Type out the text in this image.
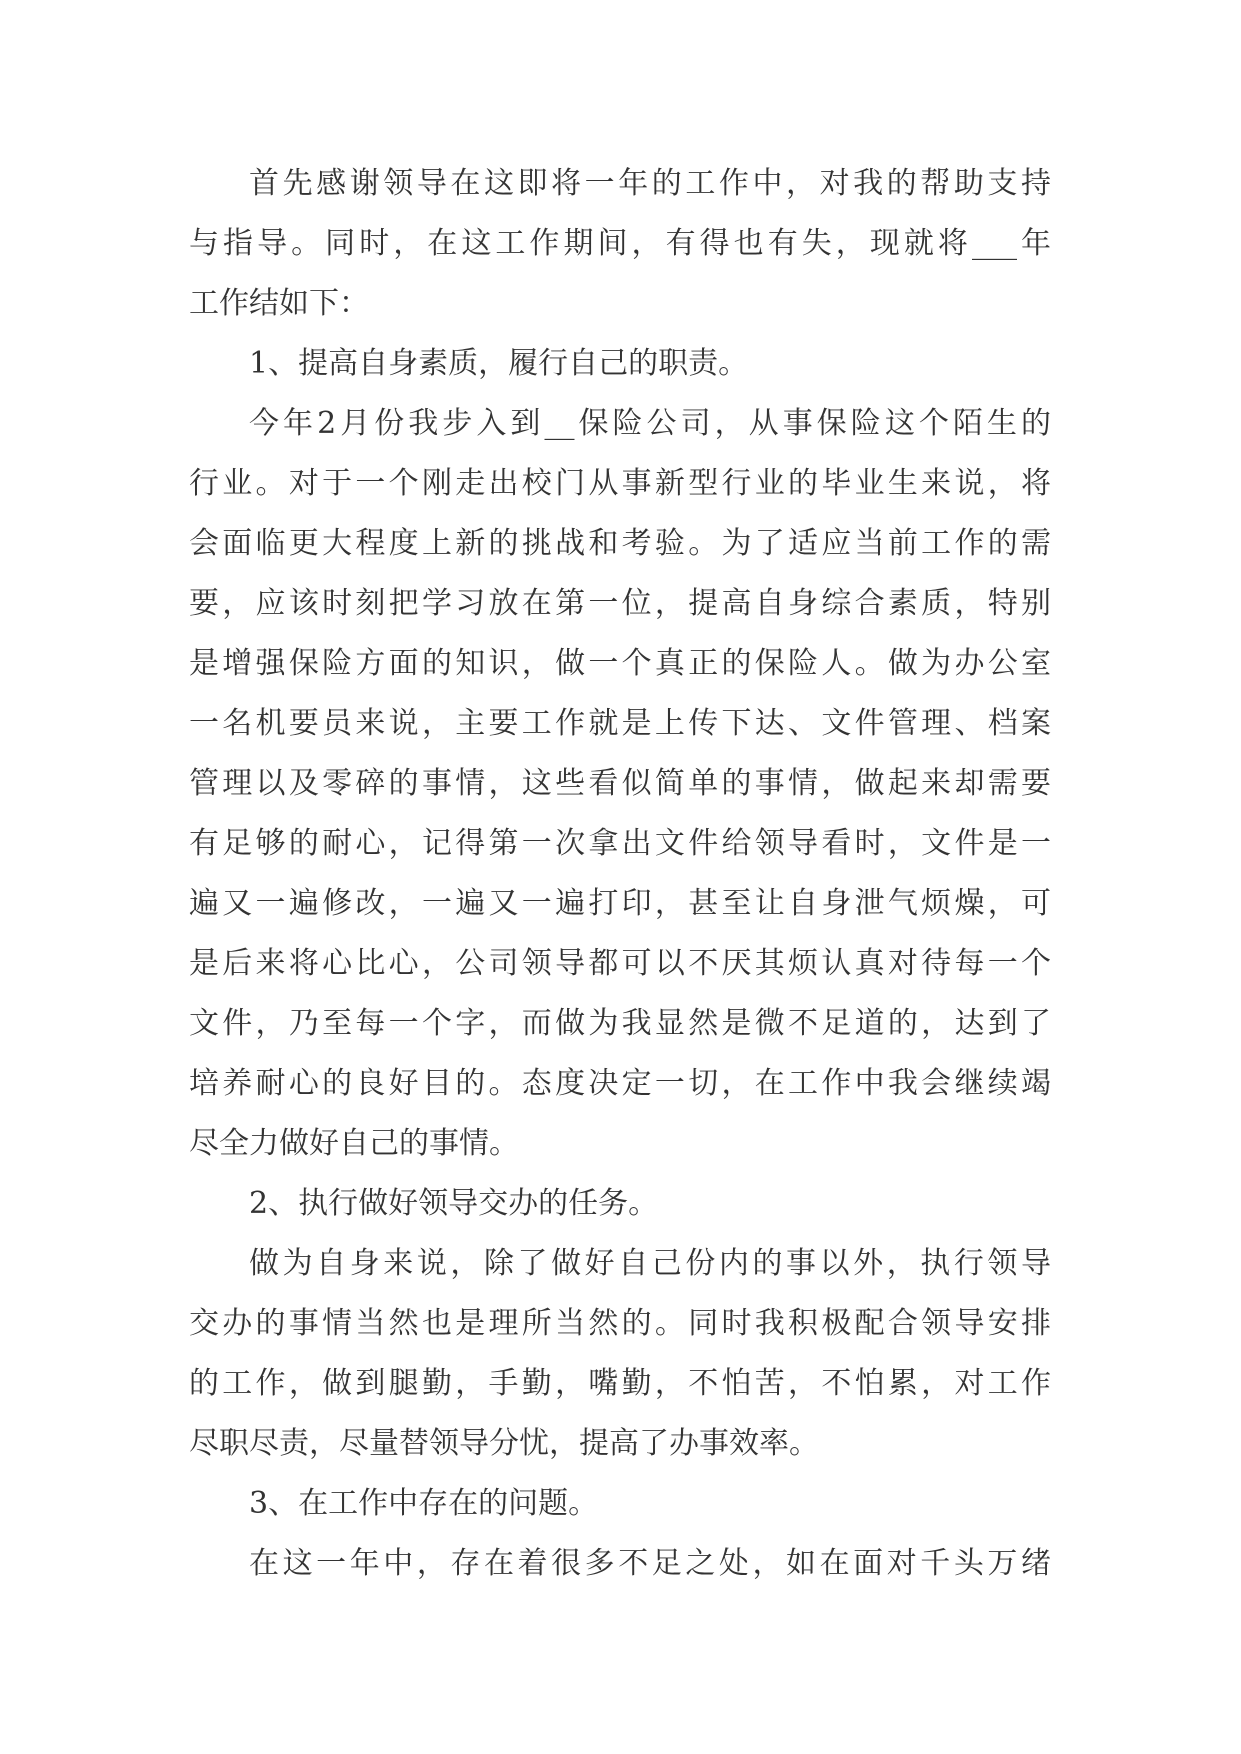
首先感谢领导在这即将一年的工作中，对我的帮助支持
与指导。同时，在这工作期间，有得也有失，现就将___年
工作结如下：
1、提高自身素质，履行自己的职责。
今年2月份我步入到__保险公司，从事保险这个陌生的
行业。对于一个刚走出校门从事新型行业的毕业生来说，将
会面临更大程度上新的挑战和考验。为了适应当前工作的需
要，应该时刻把学习放在第一位，提高自身综合素质，特别
是增强保险方面的知识，做一个真正的保险人。做为办公室
一名机要员来说，主要工作就是上传下达、文件管理、档案
管理以及零碎的事情，这些看似简单的事情，做起来却需要
有足够的耐心，记得第一次拿出文件给领导看时，文件是一
遍又一遍修改，一遍又一遍打印，甚至让自身泄气烦燥，可
是后来将心比心，公司领导都可以不厌其烦认真对待每一个
文件，乃至每一个字，而做为我显然是微不足道的，达到了
培养耐心的良好目的。态度决定一切，在工作中我会继续竭
尽全力做好自己的事情。
2、执行做好领导交办的任务。
做为自身来说，除了做好自己份内的事以外，执行领导
交办的事情当然也是理所当然的。同时我积极配合领导安排
的工作，做到腿勤，手勤，嘴勤，不怕苦，不怕累，对工作
尽职尽责，尽量替领导分忧，提高了办事效率。
3、在工作中存在的问题。
在这一年中，存在着很多不足之处，如在面对千头万绪
